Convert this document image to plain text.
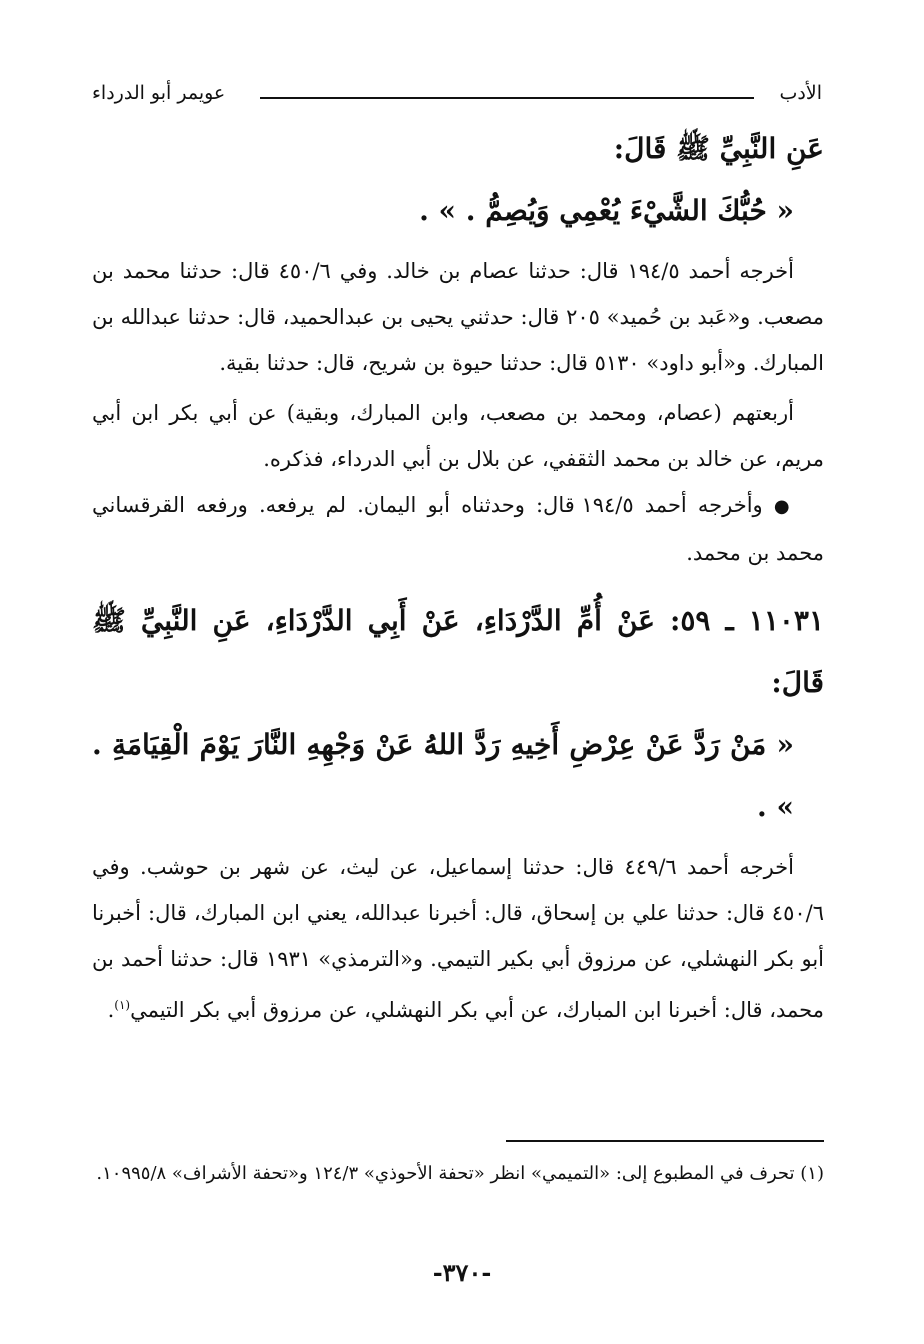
الأدب
عويمر أبو الدرداء
عَنِ النَّبِيِّ ﷺ قَالَ:
« حُبُّكَ الشَّيْءَ يُعْمِي وَيُصِمُّ . » .

أخرجه أحمد ١٩٤/٥ قال: حدثنا عصام بن خالد. وفي ٤٥٠/٦ قال: حدثنا محمد بن مصعب. و«عَبد بن حُميد» ٢٠٥ قال: حدثني يحيى بن عبدالحميد، قال: حدثنا عبدالله بن المبارك. و«أبو داود» ٥١٣٠ قال: حدثنا حيوة بن شريح، قال: حدثنا بقية.

أربعتهم (عصام، ومحمد بن مصعب، وابن المبارك، وبقية) عن أبي بكر ابن أبي مريم، عن خالد بن محمد الثقفي، عن بلال بن أبي الدرداء، فذكره.

● وأخرجه أحمد ١٩٤/٥ قال: وحدثناه أبو اليمان. لم يرفعه. ورفعه القرقساني محمد بن محمد.

١١٠٣١ ـ ٥٩: عَنْ أُمِّ الدَّرْدَاءِ، عَنْ أَبِي الدَّرْدَاءِ، عَنِ النَّبِيِّ ﷺ قَالَ:
« مَنْ رَدَّ عَنْ عِرْضِ أَخِيهِ رَدَّ اللهُ عَنْ وَجْهِهِ النَّارَ يَوْمَ الْقِيَامَةِ . » .

أخرجه أحمد ٤٤٩/٦ قال: حدثنا إسماعيل، عن ليث، عن شهر بن حوشب. وفي ٤٥٠/٦ قال: حدثنا علي بن إسحاق، قال: أخبرنا عبدالله، يعني ابن المبارك، قال: أخبرنا أبو بكر النهشلي، عن مرزوق أبي بكير التيمي. و«الترمذي» ١٩٣١ قال: حدثنا أحمد بن محمد، قال: أخبرنا ابن المبارك، عن أبي بكر النهشلي، عن مرزوق أبي بكر التيمي$^{(١)}$.

(١) تحرف في المطبوع إلى: «التميمي» انظر «تحفة الأحوذي» ١٢٤/٣ و«تحفة الأشراف» ١٠٩٩٥/٨.
-٣٧٠-
